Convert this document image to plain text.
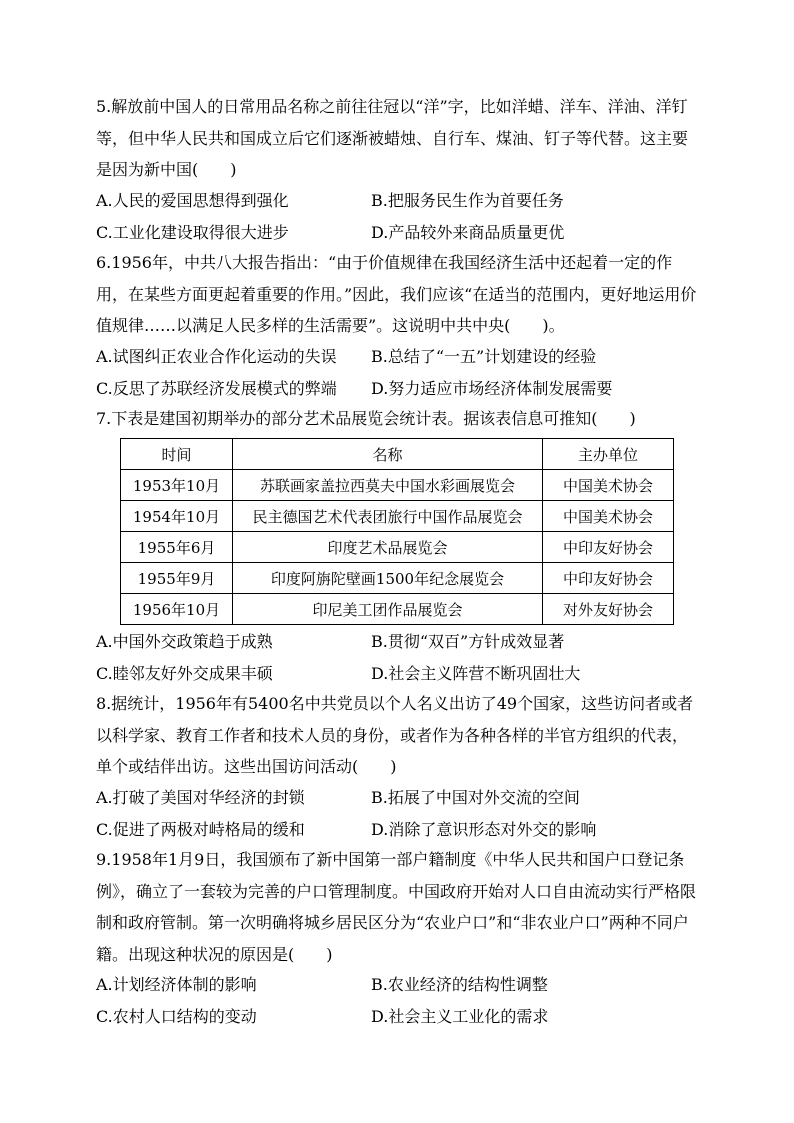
5.解放前中国人的日常用品名称之前往往冠以“洋”字，比如洋蜡、洋车、洋油、洋钉等，但中华人民共和国成立后它们逐渐被蜡烛、自行车、煤油、钉子等代替。这主要是因为新中国(　　)

A.人民的爱国思想得到强化	B.把服务民生作为首要任务
C.工业化建设取得很大进步	D.产品较外来商品质量更优

6.1956年，中共八大报告指出：“由于价值规律在我国经济生活中还起着一定的作用，在某些方面更起着重要的作用。”因此，我们应该“在适当的范围内，更好地运用价值规律……以满足人民多样的生活需要”。这说明中共中央(　　)。

A.试图纠正农业合作化运动的失误	B.总结了“一五”计划建设的经验
C.反思了苏联经济发展模式的弊端	D.努力适应市场经济体制发展需要

7.下表是建国初期举办的部分艺术品展览会统计表。据该表信息可推知(　　)

时间	名称	主办单位
1953年10月	苏联画家盖拉西莫夫中国水彩画展览会	中国美术协会
1954年10月	民主德国艺术代表团旅行中国作品展览会	中国美术协会
1955年6月	印度艺术品展览会	中印友好协会
1955年9月	印度阿旃陀壁画1500年纪念展览会	中印友好协会
1956年10月	印尼美工团作品展览会	对外友好协会
A.中国外交政策趋于成熟	B.贯彻“双百”方针成效显著
C.睦邻友好外交成果丰硕	D.社会主义阵营不断巩固壮大

8.据统计，1956年有5400名中共党员以个人名义出访了49个国家，这些访问者或者以科学家、教育工作者和技术人员的身份，或者作为各种各样的半官方组织的代表，单个或结伴出访。这些出国访问活动(　　)

A.打破了美国对华经济的封锁	B.拓展了中国对外交流的空间
C.促进了两极对峙格局的缓和	D.消除了意识形态对外交的影响

9.1958年1月9日，我国颁布了新中国第一部户籍制度《中华人民共和国户口登记条例》，确立了一套较为完善的户口管理制度。中国政府开始对人口自由流动实行严格限制和政府管制。第一次明确将城乡居民区分为“农业户口”和“非农业户口”两种不同户籍。出现这种状况的原因是(　　)

A.计划经济体制的影响	B.农业经济的结构性调整
C.农村人口结构的变动	D.社会主义工业化的需求
